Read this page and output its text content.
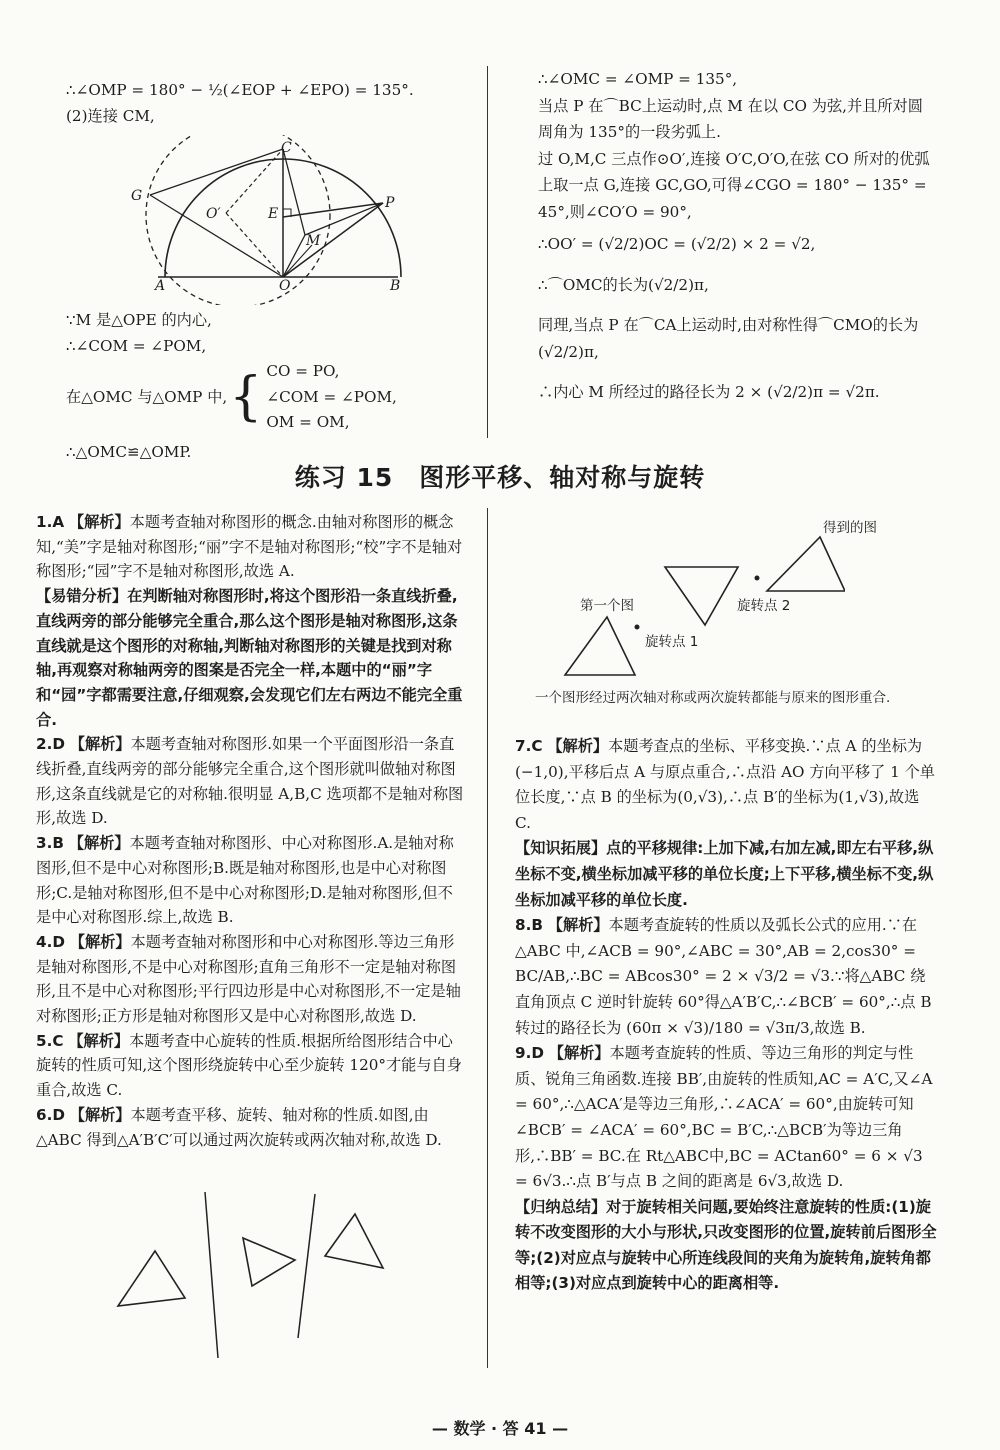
∴∠OMP = 180° − ½(∠EOP + ∠EPO) = 135°.

(2)连接 CM,

C
G
O′	E
P
M
A	O	B

∵M 是△OPE 的内心,

∴∠COM = ∠POM,

在△OMC 与△OMP 中, { CO = PO,

∠COM = ∠POM,

OM = OM,

∴△OMC≌△OMP.

∴∠OMC = ∠OMP = 135°,

当点 P 在⌒BC上运动时,点 M 在以 CO 为弦,并且所对圆周角为 135°的一段劣弧上.

过 O,M,C 三点作⊙O′,连接 O′C,O′O,在弦 CO 所对的优弧上取一点 G,连接 GC,GO,可得∠CGO = 180° − 135° = 45°,则∠CO′O = 90°,

∴OO′ = (√2/2)OC = (√2/2) × 2 = √2,

∴⌒OMC的长为(√2/2)π,

同理,当点 P 在⌒CA上运动时,由对称性得⌒CMO的长为(√2/2)π,

∴内心 M 所经过的路径长为 2 × (√2/2)π = √2π.

练习 15　图形平移、轴对称与旋转

1.A 【解析】本题考查轴对称图形的概念.由轴对称图形的概念知,“美”字是轴对称图形;“丽”字不是轴对称图形;“校”字不是轴对称图形;“园”字不是轴对称图形,故选 A.

【易错分析】在判断轴对称图形时,将这个图形沿一条直线折叠,直线两旁的部分能够完全重合,那么这个图形是轴对称图形,这条直线就是这个图形的对称轴,判断轴对称图形的关键是找到对称轴,再观察对称轴两旁的图案是否完全一样,本题中的“丽”字和“园”字都需要注意,仔细观察,会发现它们左右两边不能完全重合.

2.D 【解析】本题考查轴对称图形.如果一个平面图形沿一条直线折叠,直线两旁的部分能够完全重合,这个图形就叫做轴对称图形,这条直线就是它的对称轴.很明显 A,B,C 选项都不是轴对称图形,故选 D.

3.B 【解析】本题考查轴对称图形、中心对称图形.A.是轴对称图形,但不是中心对称图形;B.既是轴对称图形,也是中心对称图形;C.是轴对称图形,但不是中心对称图形;D.是轴对称图形,但不是中心对称图形.综上,故选 B.

4.D 【解析】本题考查轴对称图形和中心对称图形.等边三角形是轴对称图形,不是中心对称图形;直角三角形不一定是轴对称图形,且不是中心对称图形;平行四边形是中心对称图形,不一定是轴对称图形;正方形是轴对称图形又是中心对称图形,故选 D.

5.C 【解析】本题考查中心旋转的性质.根据所给图形结合中心旋转的性质可知,这个图形绕旋转中心至少旋转 120°才能与自身重合,故选 C.

6.D 【解析】本题考查平移、旋转、轴对称的性质.如图,由△ABC 得到△A′B′C′可以通过两次旋转或两次轴对称,故选 D.

得到的图
第一个图	旋转点 2
旋转点 1

一个图形经过两次轴对称或两次旋转都能与原来的图形重合.

7.C 【解析】本题考查点的坐标、平移变换.∵点 A 的坐标为(−1,0),平移后点 A 与原点重合,∴点沿 AO 方向平移了 1 个单位长度,∵点 B 的坐标为(0,√3),∴点 B′的坐标为(1,√3),故选 C.

【知识拓展】点的平移规律:上加下减,右加左减,即左右平移,纵坐标不变,横坐标加减平移的单位长度;上下平移,横坐标不变,纵坐标加减平移的单位长度.

8.B 【解析】本题考查旋转的性质以及弧长公式的应用.∵在△ABC 中,∠ACB = 90°,∠ABC = 30°,AB = 2,cos30° = BC/AB,∴BC = ABcos30° = 2 × √3/2 = √3.∵将△ABC 绕直角顶点 C 逆时针旋转 60°得△A′B′C,∴∠BCB′ = 60°,∴点 B 转过的路径长为 (60π × √3)/180 = √3π/3,故选 B.

9.D 【解析】本题考查旋转的性质、等边三角形的判定与性质、锐角三角函数.连接 BB′,由旋转的性质知,AC = A′C,又∠A = 60°,∴△ACA′是等边三角形,∴∠ACA′ = 60°,由旋转可知∠BCB′ = ∠ACA′ = 60°,BC = B′C,∴△BCB′为等边三角形,∴BB′ = BC.在 Rt△ABC中,BC = ACtan60° = 6 × √3 = 6√3.∴点 B′与点 B 之间的距离是 6√3,故选 D.

【归纳总结】对于旋转相关问题,要始终注意旋转的性质:(1)旋转不改变图形的大小与形状,只改变图形的位置,旋转前后图形全等;(2)对应点与旋转中心所连线段间的夹角为旋转角,旋转角都相等;(3)对应点到旋转中心的距离相等.

— 数学 · 答 41 —
